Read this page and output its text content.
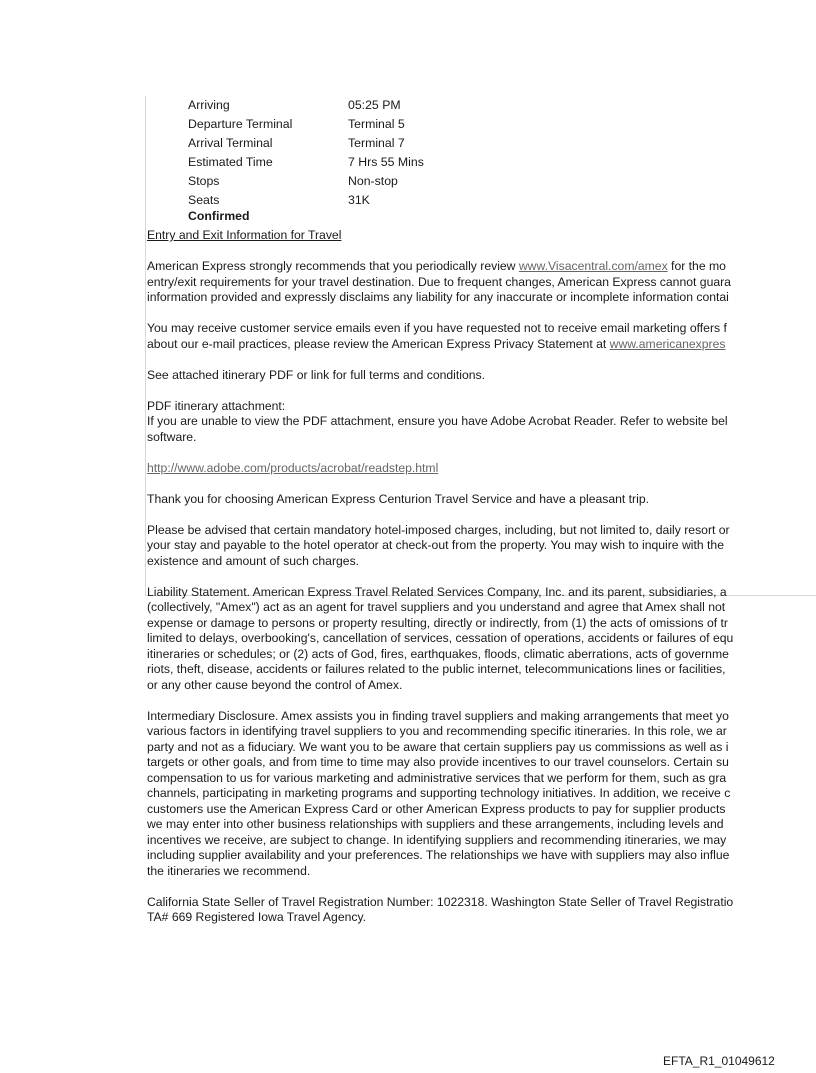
Arriving	05:25 PM
Departure Terminal	Terminal 5
Arrival Terminal	Terminal 7
Estimated Time	7 Hrs 55 Mins
Stops	Non-stop
Seats	31K
Confirmed

Entry and Exit Information for Travel

American Express strongly recommends that you periodically review www.Visacentral.com/amex for the mo

entry/exit requirements for your travel destination. Due to frequent changes, American Express cannot guara

information provided and expressly disclaims any liability for any inaccurate or incomplete information contai

You may receive customer service emails even if you have requested not to receive email marketing offers f

about our e-mail practices, please review the American Express Privacy Statement at www.americanexpres

See attached itinerary PDF or link for full terms and conditions.

PDF itinerary attachment:

If you are unable to view the PDF attachment, ensure you have Adobe Acrobat Reader. Refer to website bel

software.

http://www.adobe.com/products/acrobat/readstep.html

Thank you for choosing American Express Centurion Travel Service and have a pleasant trip.

Please be advised that certain mandatory hotel-imposed charges, including, but not limited to, daily resort or

your stay and payable to the hotel operator at check-out from the property. You may wish to inquire with the

existence and amount of such charges.

Liability Statement. American Express Travel Related Services Company, Inc. and its parent, subsidiaries, a

(collectively, "Amex") act as an agent for travel suppliers and you understand and agree that Amex shall not

expense or damage to persons or property resulting, directly or indirectly, from (1) the acts of omissions of tr

limited to delays, overbooking's, cancellation of services, cessation of operations, accidents or failures of equ

itineraries or schedules; or (2) acts of God, fires, earthquakes, floods, climatic aberrations, acts of governme

riots, theft, disease, accidents or failures related to the public internet, telecommunications lines or facilities,

or any other cause beyond the control of Amex.

Intermediary Disclosure. Amex assists you in finding travel suppliers and making arrangements that meet yo

various factors in identifying travel suppliers to you and recommending specific itineraries. In this role, we ar

party and not as a fiduciary. We want you to be aware that certain suppliers pay us commissions as well as i

targets or other goals, and from time to time may also provide incentives to our travel counselors. Certain su

compensation to us for various marketing and administrative services that we perform for them, such as gra

channels, participating in marketing programs and supporting technology initiatives. In addition, we receive c

customers use the American Express Card or other American Express products to pay for supplier products

we may enter into other business relationships with suppliers and these arrangements, including levels and

incentives we receive, are subject to change. In identifying suppliers and recommending itineraries, we may

including supplier availability and your preferences. The relationships we have with suppliers may also influe

the itineraries we recommend.

California State Seller of Travel Registration Number: 1022318. Washington State Seller of Travel Registratio

TA# 669 Registered Iowa Travel Agency.

EFTA_R1_01049612
